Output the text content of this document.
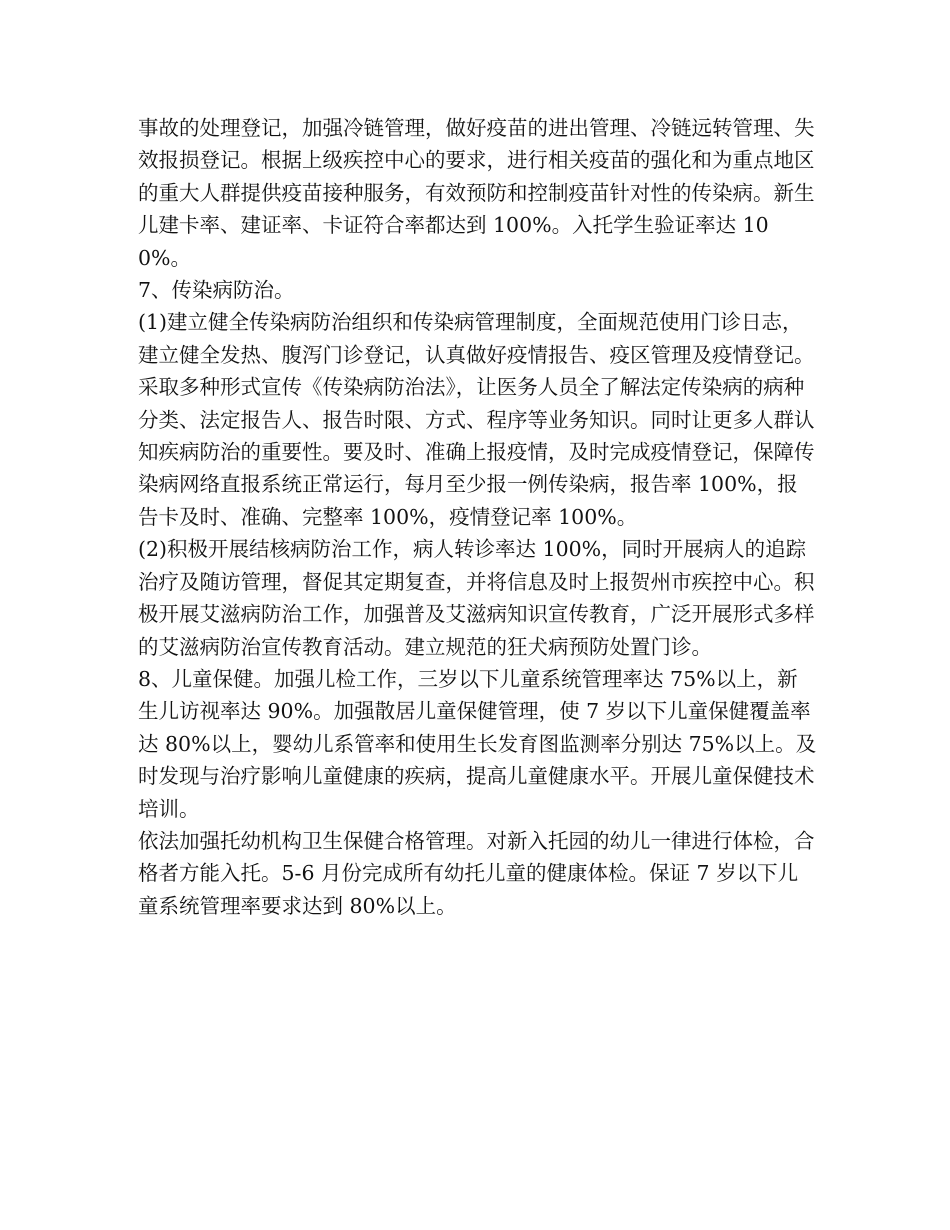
事故的处理登记，加强冷链管理，做好疫苗的进出管理、冷链远转管理、失效报损登记。根据上级疾控中心的要求，进行相关疫苗的强化和为重点地区的重大人群提供疫苗接种服务，有效预防和控制疫苗针对性的传染病。新生儿建卡率、建证率、卡证符合率都达到 100%。入托学生验证率达 100%。

7、传染病防治。

(1)建立健全传染病防治组织和传染病管理制度，全面规范使用门诊日志，建立健全发热、腹泻门诊登记，认真做好疫情报告、疫区管理及疫情登记。采取多种形式宣传《传染病防治法》，让医务人员全了解法定传染病的病种分类、法定报告人、报告时限、方式、程序等业务知识。同时让更多人群认知疾病防治的重要性。要及时、准确上报疫情，及时完成疫情登记，保障传染病网络直报系统正常运行，每月至少报一例传染病，报告率 100%，报告卡及时、准确、完整率 100%，疫情登记率 100%。

(2)积极开展结核病防治工作，病人转诊率达 100%，同时开展病人的追踪治疗及随访管理，督促其定期复查，并将信息及时上报贺州市疾控中心。积极开展艾滋病防治工作，加强普及艾滋病知识宣传教育，广泛开展形式多样的艾滋病防治宣传教育活动。建立规范的狂犬病预防处置门诊。

8、儿童保健。加强儿检工作，三岁以下儿童系统管理率达 75%以上，新生儿访视率达 90%。加强散居儿童保健管理，使 7 岁以下儿童保健覆盖率达 80%以上，婴幼儿系管率和使用生长发育图监测率分别达 75%以上。及时发现与治疗影响儿童健康的疾病，提高儿童健康水平。开展儿童保健技术培训。

依法加强托幼机构卫生保健合格管理。对新入托园的幼儿一律进行体检，合格者方能入托。5-6 月份完成所有幼托儿童的健康体检。保证 7 岁以下儿童系统管理率要求达到 80%以上。
